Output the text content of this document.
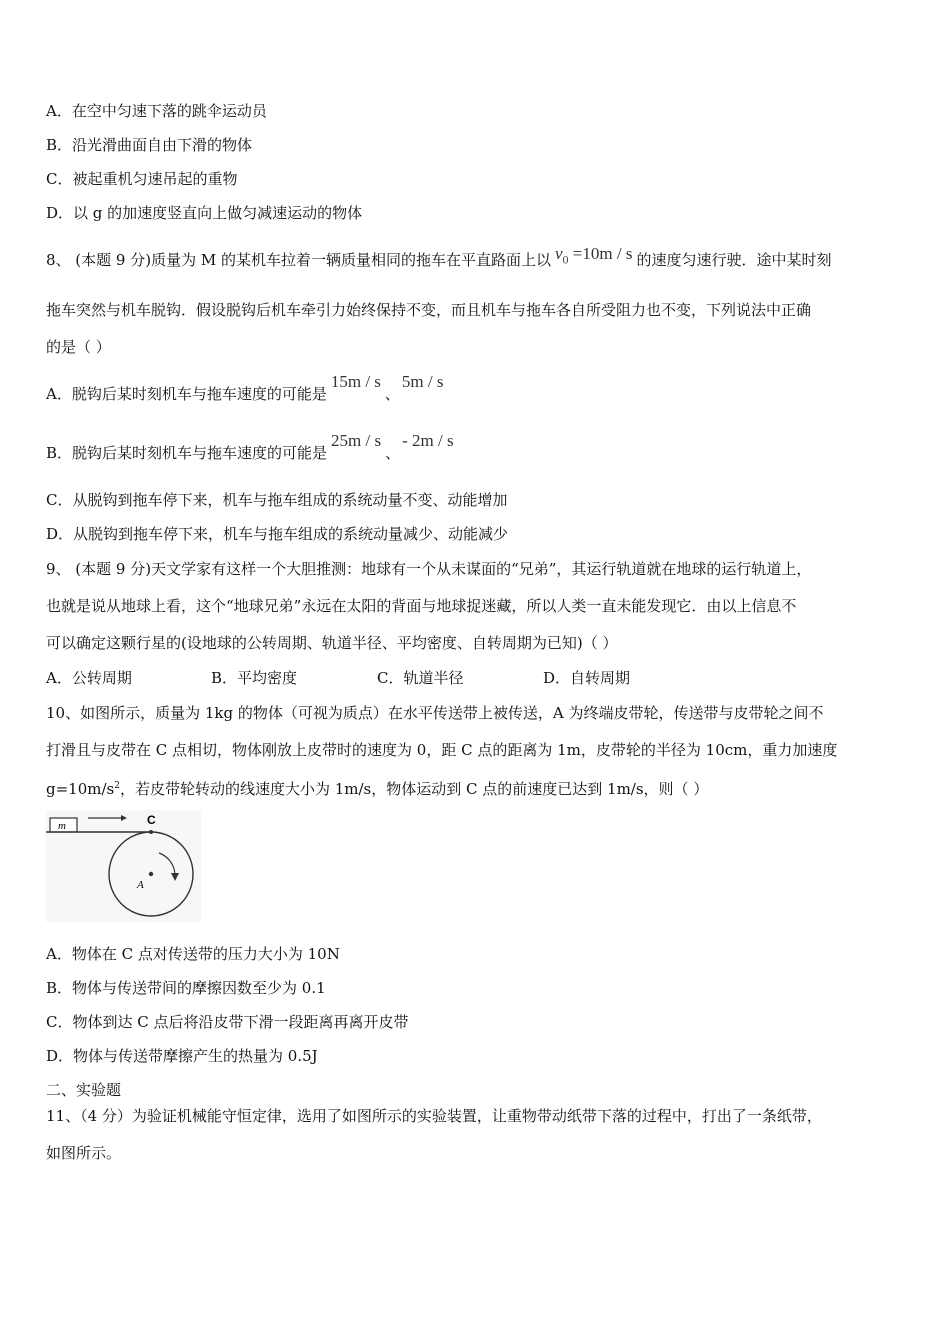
A．在空中匀速下落的跳伞运动员
B．沿光滑曲面自由下滑的物体
C．被起重机匀速吊起的重物
D．以 g 的加速度竖直向上做匀减速运动的物体
8、 (本题 9 分)质量为 M 的某机车拉着一辆质量相同的拖车在平直路面上以 $v_0 =10m / s$ 的速度匀速行驶．途中某时刻
拖车突然与机车脱钩．假设脱钩后机车牵引力始终保持不变，而且机车与拖车各自所受阻力也不变，下列说法中正确
的是（ ）
A．脱钩后某时刻机车与拖车速度的可能是15m / s、5m / s
B．脱钩后某时刻机车与拖车速度的可能是25m / s、- 2m / s
C．从脱钩到拖车停下来，机车与拖车组成的系统动量不变、动能增加
D．从脱钩到拖车停下来，机车与拖车组成的系统动量减少、动能减少
9、 (本题 9 分)天文学家有这样一个大胆推测：地球有一个从未谋面的“兄弟”，其运行轨道就在地球的运行轨道上，
也就是说从地球上看，这个“地球兄弟”永远在太阳的背面与地球捉迷藏，所以人类一直未能发现它．由以上信息不
可以确定这颗行星的(设地球的公转周期、轨道半径、平均密度、自转周期为已知)（ ）
A．公转周期	B．平均密度	C．轨道半径	D．自转周期
10、如图所示，质量为 1kg 的物体（可视为质点）在水平传送带上被传送，A 为终端皮带轮，传送带与皮带轮之间不
打滑且与皮带在 C 点相切，物体刚放上皮带时的速度为 0，距 C 点的距离为 1m，皮带轮的半径为 10cm，重力加速度
$g=10m/s^2$，若皮带轮转动的线速度大小为 1m/s，物体运动到 C 点的前速度已达到 1m/s，则（ ）
m	C
A
A．物体在 C 点对传送带的压力大小为 10N
B．物体与传送带间的摩擦因数至少为 0.1
C．物体到达 C 点后将沿皮带下滑一段距离再离开皮带
D．物体与传送带摩擦产生的热量为 0.5J
二、实验题
11、（4 分）为验证机械能守恒定律，选用了如图所示的实验装置，让重物带动纸带下落的过程中，打出了一条纸带，
如图所示。
